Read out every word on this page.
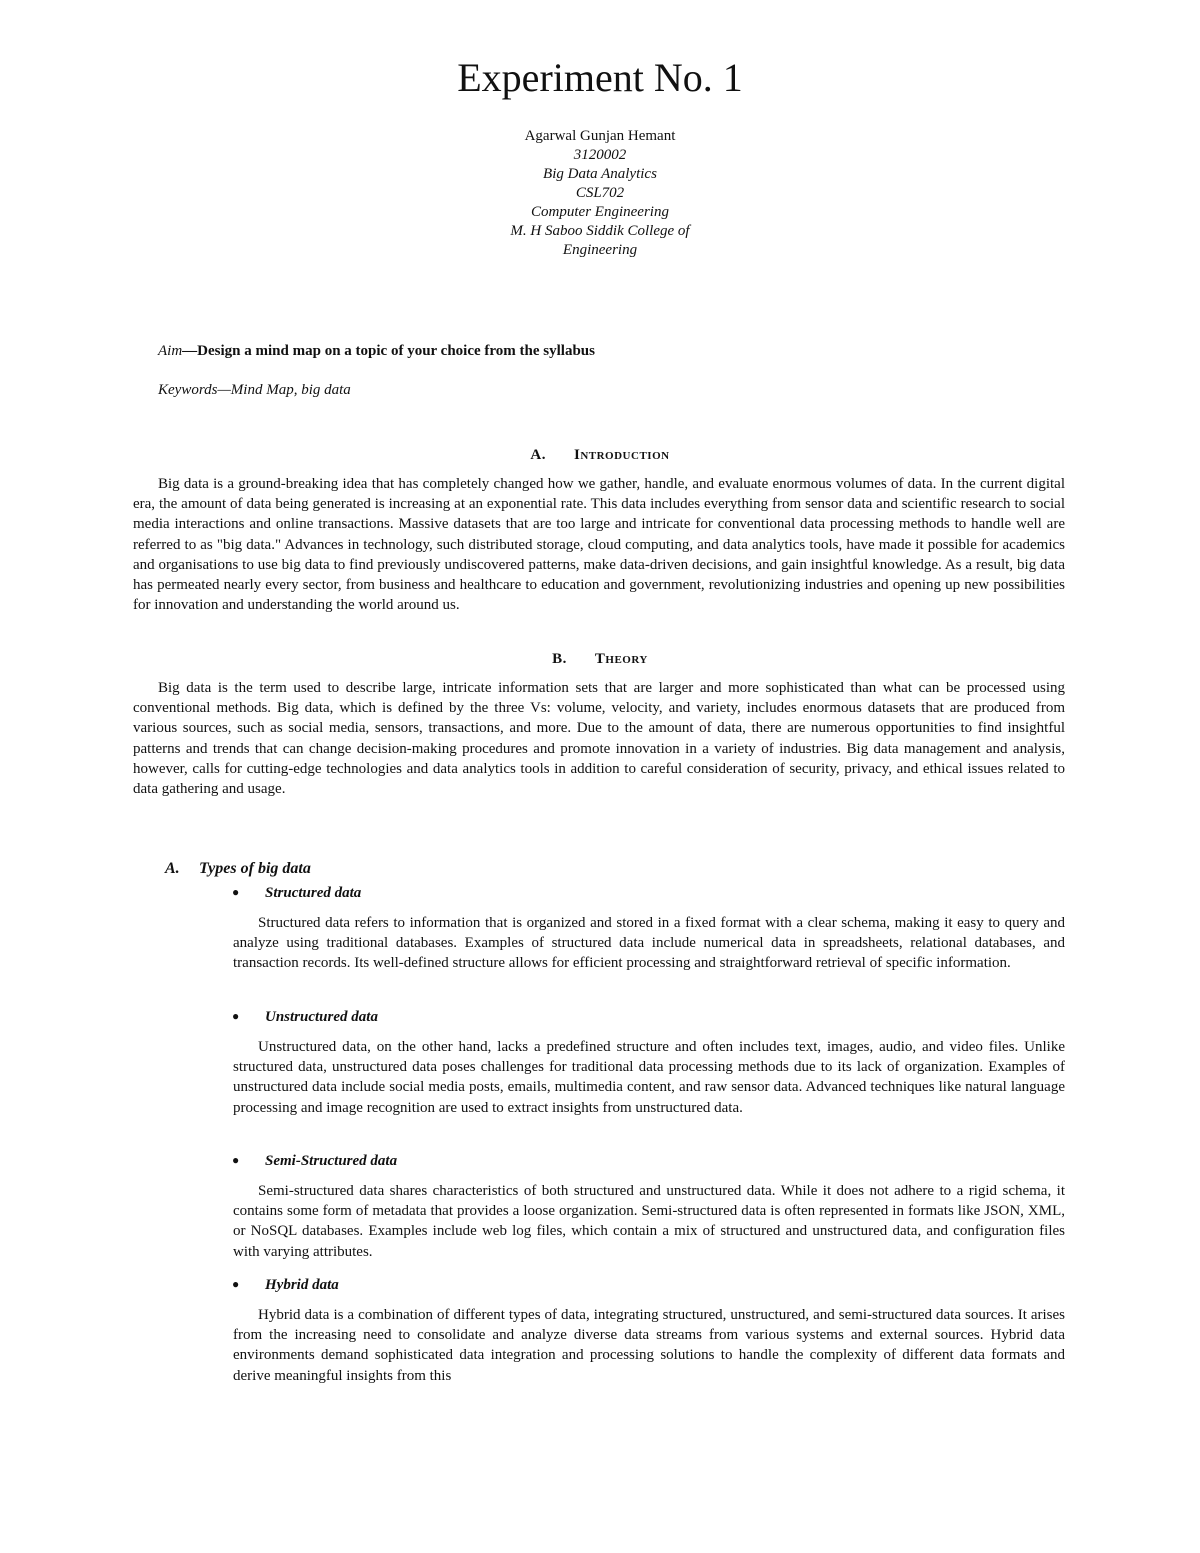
Experiment No. 1
Agarwal Gunjan Hemant
3120002
Big Data Analytics
CSL702
Computer Engineering
M. H Saboo Siddik College of
Engineering
Aim—Design a mind map on a topic of your choice from the syllabus
Keywords—Mind Map, big data
A. Introduction

Big data is a ground-breaking idea that has completely changed how we gather, handle, and evaluate enormous volumes of data. In the current digital era, the amount of data being generated is increasing at an exponential rate. This data includes everything from sensor data and scientific research to social media interactions and online transactions. Massive datasets that are too large and intricate for conventional data processing methods to handle well are referred to as "big data." Advances in technology, such distributed storage, cloud computing, and data analytics tools, have made it possible for academics and organisations to use big data to find previously undiscovered patterns, make data-driven decisions, and gain insightful knowledge. As a result, big data has permeated nearly every sector, from business and healthcare to education and government, revolutionizing industries and opening up new possibilities for innovation and understanding the world around us.

B. Theory

Big data is the term used to describe large, intricate information sets that are larger and more sophisticated than what can be processed using conventional methods. Big data, which is defined by the three Vs: volume, velocity, and variety, includes enormous datasets that are produced from various sources, such as social media, sensors, transactions, and more. Due to the amount of data, there are numerous opportunities to find insightful patterns and trends that can change decision-making procedures and promote innovation in a variety of industries. Big data management and analysis, however, calls for cutting-edge technologies and data analytics tools in addition to careful consideration of security, privacy, and ethical issues related to data gathering and usage.

A. Types of big data
● Structured data

Structured data refers to information that is organized and stored in a fixed format with a clear schema, making it easy to query and analyze using traditional databases. Examples of structured data include numerical data in spreadsheets, relational databases, and transaction records. Its well-defined structure allows for efficient processing and straightforward retrieval of specific information.

● Unstructured data

Unstructured data, on the other hand, lacks a predefined structure and often includes text, images, audio, and video files. Unlike structured data, unstructured data poses challenges for traditional data processing methods due to its lack of organization. Examples of unstructured data include social media posts, emails, multimedia content, and raw sensor data. Advanced techniques like natural language processing and image recognition are used to extract insights from unstructured data.

● Semi-Structured data

Semi-structured data shares characteristics of both structured and unstructured data. While it does not adhere to a rigid schema, it contains some form of metadata that provides a loose organization. Semi-structured data is often represented in formats like JSON, XML, or NoSQL databases. Examples include web log files, which contain a mix of structured and unstructured data, and configuration files with varying attributes.

● Hybrid data

Hybrid data is a combination of different types of data, integrating structured, unstructured, and semi-structured data sources. It arises from the increasing need to consolidate and analyze diverse data streams from various systems and external sources. Hybrid data environments demand sophisticated data integration and processing solutions to handle the complexity of different data formats and derive meaningful insights from this
